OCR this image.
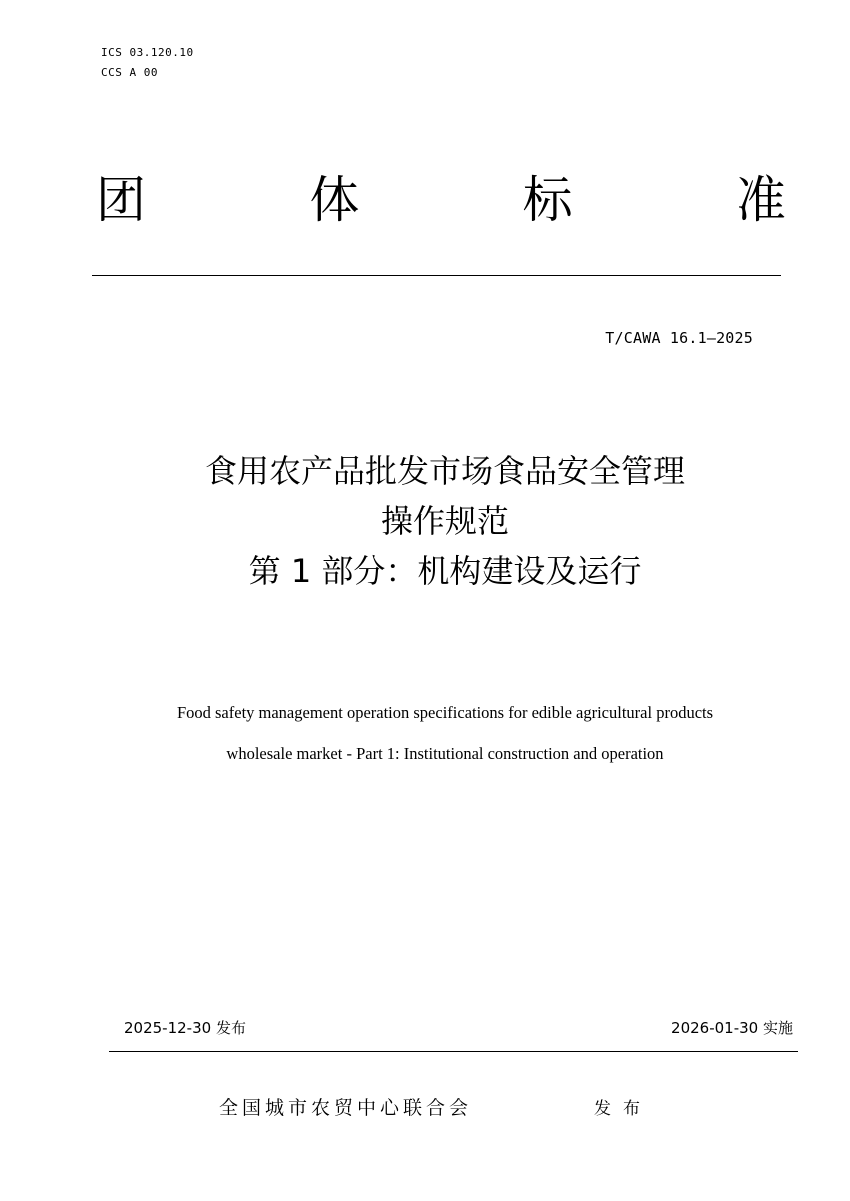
ICS 03.120.10
CCS A 00
团	体	标	准
T/CAWA 16.1—2025
食用农产品批发市场食品安全管理
操作规范
第 1 部分：机构建设及运行
Food safety management operation specifications for edible agricultural products
wholesale market - Part 1: Institutional construction and operation
2025-12-30 发布	2026-01-30 实施
全国城市农贸中心联合会	发布
